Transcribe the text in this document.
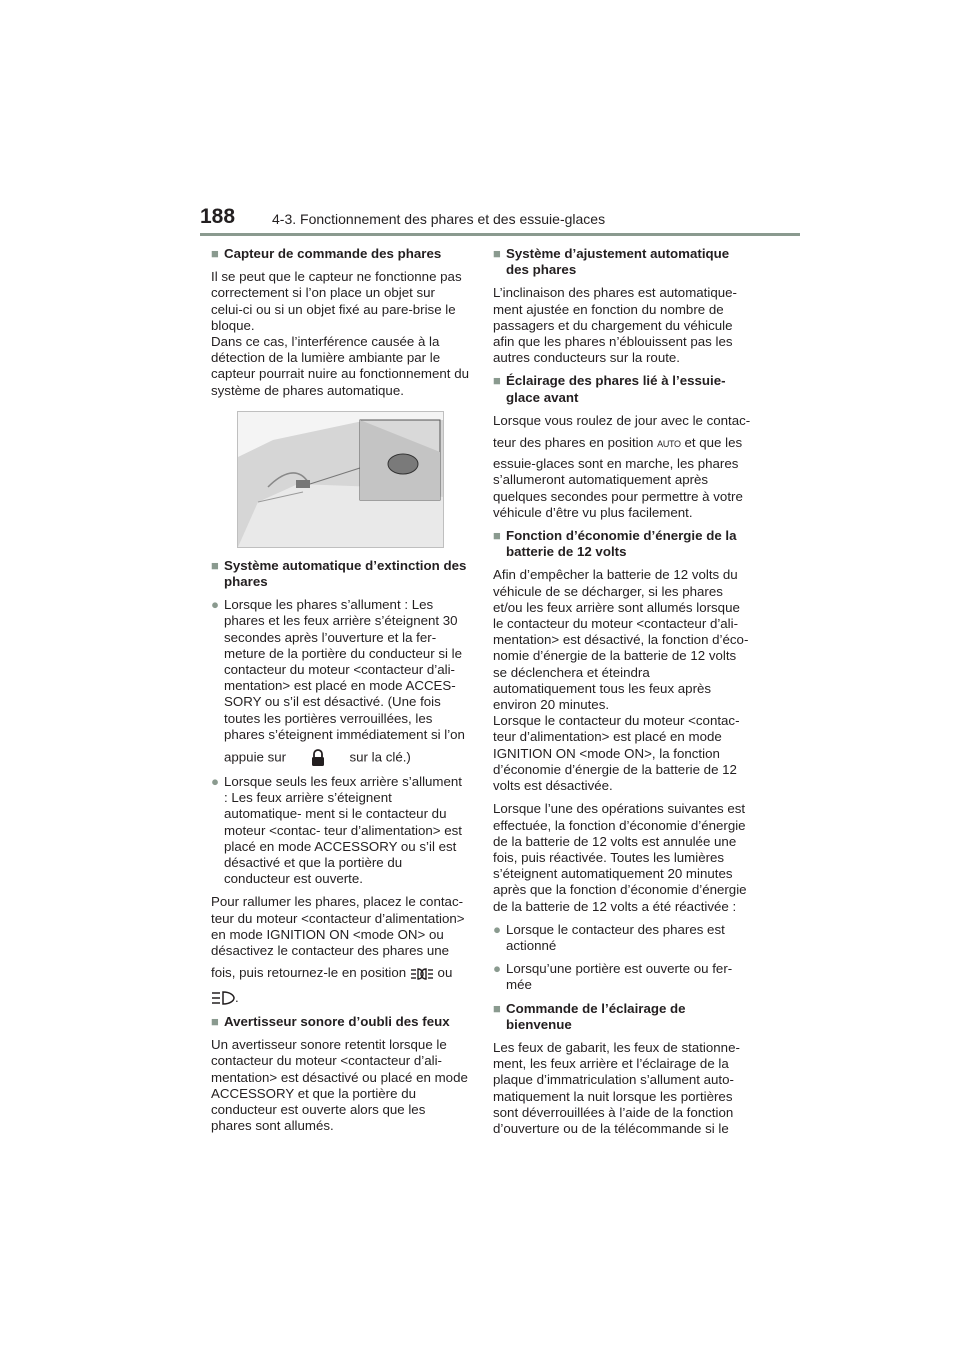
188	4-3. Fonctionnement des phares et des essuie-glaces
■ Capteur de commande des phares
Il se peut que le capteur ne fonctionne pas correctement si l’on place un objet sur celui-ci ou si un objet fixé au pare-brise le bloque.
Dans ce cas, l’interférence causée à la détection de la lumière ambiante par le capteur pourrait nuire au fonctionnement du système de phares automatique.
■ Système automatique d’extinction des phares
● Lorsque les phares s’allument : Les phares et les feux arrière s’éteignent 30 secondes après l’ouverture et la fer- meture de la portière du conducteur si le contacteur du moteur <contacteur d’ali- mentation> est placé en mode ACCES- SORY ou s’il est désactivé. (Une fois toutes les portières verrouillées, les phares s’éteignent immédiatement si l’on
appuie sur	sur la clé.)
● Lorsque seuls les feux arrière s’allument : Les feux arrière s’éteignent automatique- ment si le contacteur du moteur <contac- teur d’alimentation> est placé en mode ACCESSORY ou s’il est désactivé et que la portière du conducteur est ouverte.
Pour rallumer les phares, placez le contac- teur du moteur <contacteur d’alimentation> en mode IGNITION ON <mode ON> ou désactivez le contacteur des phares une
fois, puis retournez-le en position ou
.
■ Avertisseur sonore d’oubli des feux
Un avertisseur sonore retentit lorsque le contacteur du moteur <contacteur d’ali- mentation> est désactivé ou placé en mode ACCESSORY et que la portière du conducteur est ouverte alors que les phares sont allumés.
■ Système d’ajustement automatique des phares
L’inclinaison des phares est automatique- ment ajustée en fonction du nombre de passagers et du chargement du véhicule afin que les phares n’éblouissent pas les autres conducteurs sur la route.
■ Éclairage des phares lié à l’essuie-glace avant
Lorsque vous roulez de jour avec le contac-
teur des phares en position AUTO et que les
essuie-glaces sont en marche, les phares s’allumeront automatiquement après quelques secondes pour permettre à votre véhicule d’être vu plus facilement.
■ Fonction d’économie d’énergie de la batterie de 12 volts
Afin d’empêcher la batterie de 12 volts du véhicule de se décharger, si les phares et/ou les feux arrière sont allumés lorsque le contacteur du moteur <contacteur d’ali- mentation> est désactivé, la fonction d’éco- nomie d’énergie de la batterie de 12 volts se déclenchera et éteindra automatiquement tous les feux après environ 20 minutes.
Lorsque le contacteur du moteur <contac- teur d’alimentation> est placé en mode IGNITION ON <mode ON>, la fonction d’économie d’énergie de la batterie de 12 volts est désactivée.
Lorsque l’une des opérations suivantes est effectuée, la fonction d’économie d’énergie de la batterie de 12 volts est annulée une fois, puis réactivée. Toutes les lumières s’éteignent automatiquement 20 minutes après que la fonction d’économie d’énergie de la batterie de 12 volts a été réactivée :
● Lorsque le contacteur des phares est actionné
● Lorsqu’une portière est ouverte ou fer- mée
■ Commande de l’éclairage de bienvenue
Les feux de gabarit, les feux de stationne- ment, les feux arrière et l’éclairage de la plaque d’immatriculation s’allument auto- matiquement la nuit lorsque les portières sont déverrouillées à l’aide de la fonction d’ouverture ou de la télécommande si le
